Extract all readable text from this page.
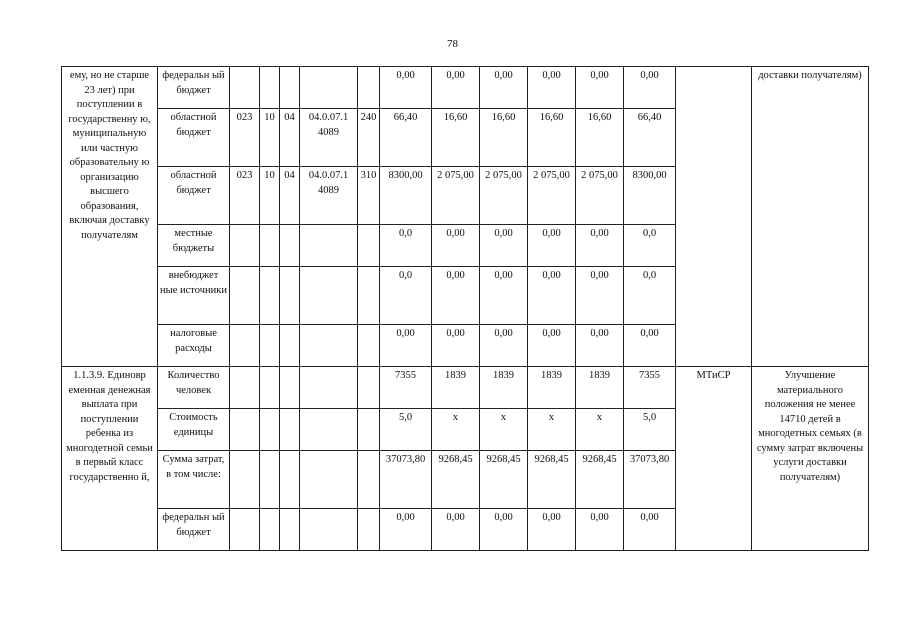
78
ему, но не старше 23 лет) при поступлении в государственну ю, муниципальную или частную образовательну ю организацию высшего образования, включая доставку получателям	федеральн ый бюджет						0,00	0,00	0,00	0,00	0,00	0,00		доставки получателям)
	областной бюджет	023	10	04	04.0.07.1 4089	240	66,40	16,60	16,60	16,60	16,60	66,40		
	областной бюджет	023	10	04	04.0.07.1 4089	310	8300,00	2 075,00	2 075,00	2 075,00	2 075,00	8300,00		
	местные бюджеты						0,0	0,00	0,00	0,00	0,00	0,0		
	внебюджет ные источники						0,0	0,00	0,00	0,00	0,00	0,0		
	налоговые расходы						0,00	0,00	0,00	0,00	0,00	0,00		
1.1.3.9. Единовр еменная денежная выплата при поступлении ребенка из многодетной семьи в первый класс государственно й,	Количество человек						7355	1839	1839	1839	1839	7355	МТиСР	Улучшение материального положения не менее 14710 детей в многодетных семьях (в сумму затрат включены услуги доставки получателям)
	Стоимость единицы						5,0	x	x	x	x	5,0		
	Сумма затрат, в том числе:						37073,80	9268,45	9268,45	9268,45	9268,45	37073,80		
	федеральн ый бюджет						0,00	0,00	0,00	0,00	0,00	0,00		
